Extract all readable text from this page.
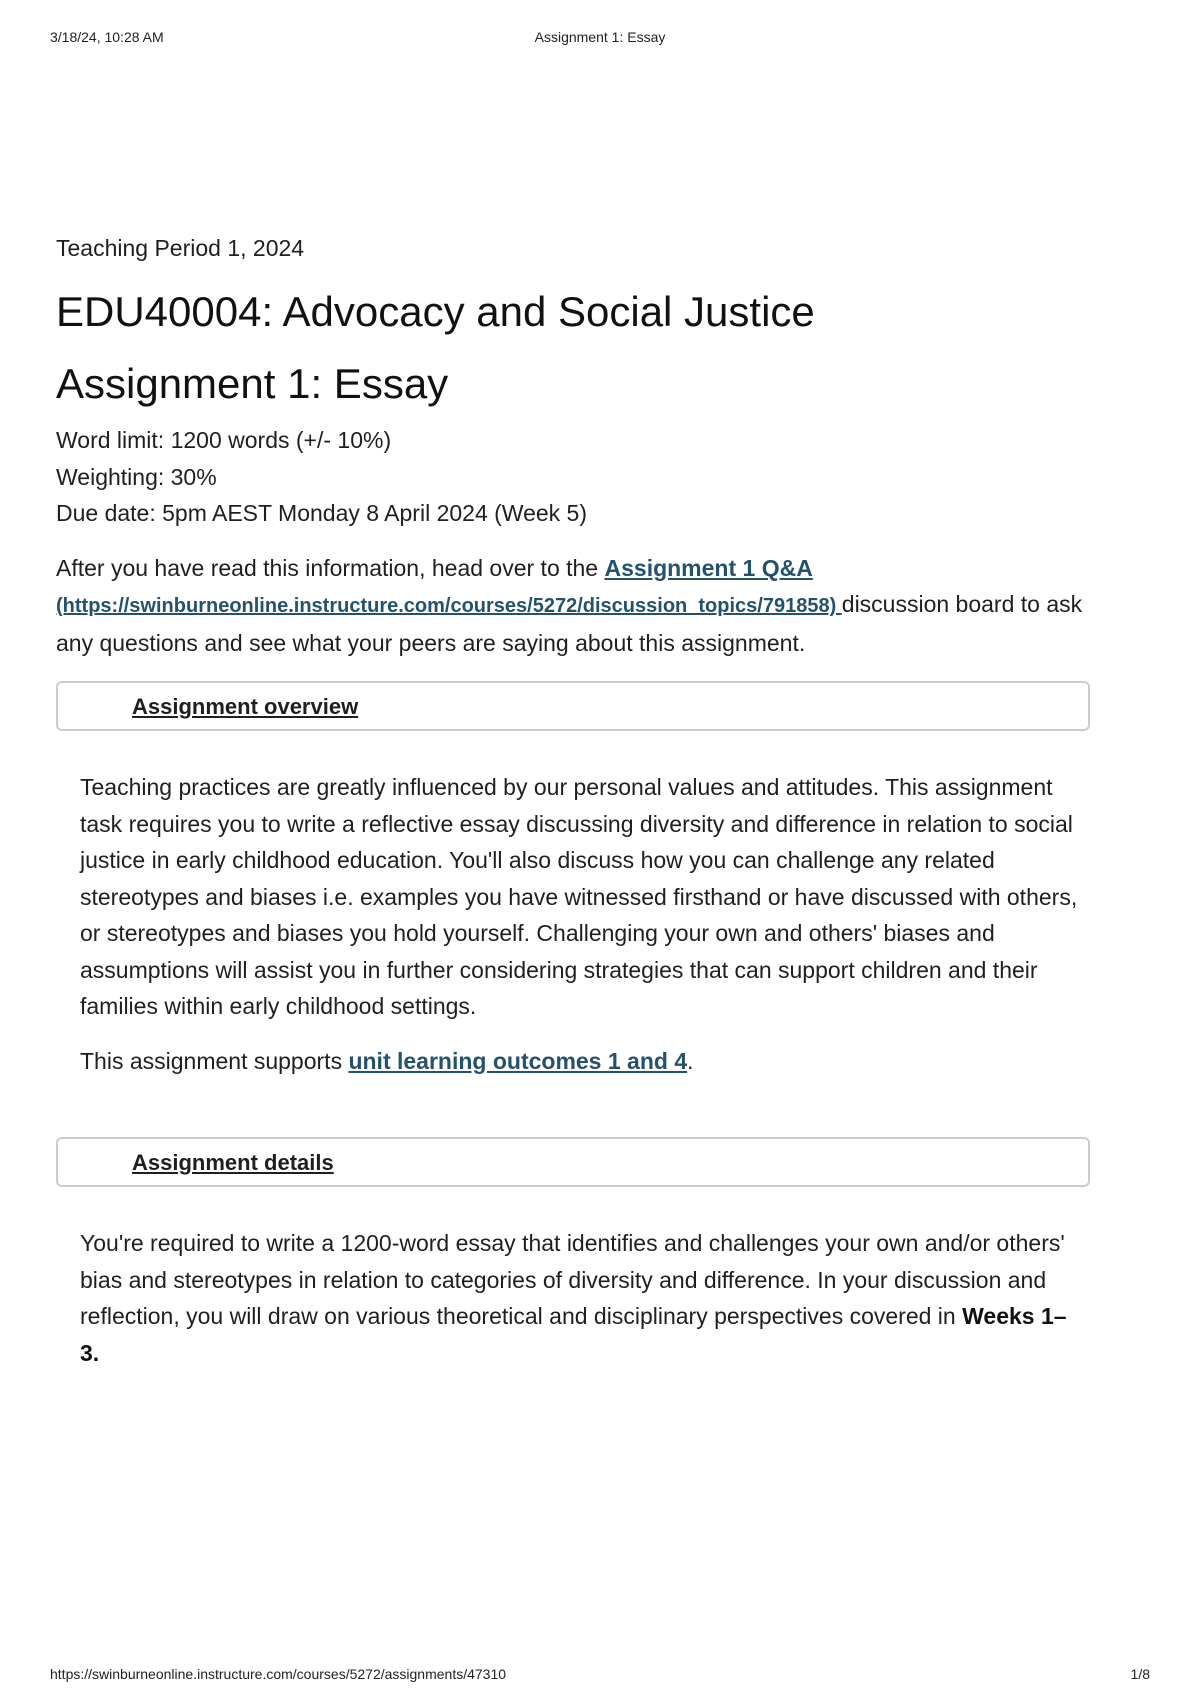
3/18/24, 10:28 AM	Assignment 1: Essay

Teaching Period 1, 2024

EDU40004: Advocacy and Social Justice
Assignment 1: Essay
Word limit: 1200 words (+/- 10%)
Weighting: 30%
Due date: 5pm AEST Monday 8 April 2024 (Week 5)

After you have read this information, head over to the Assignment 1 Q&A
(https://swinburneonline.instructure.com/courses/5272/discussion_topics/791858) discussion board to ask any questions and see what your peers are saying about this assignment.

Assignment overview

Teaching practices are greatly influenced by our personal values and attitudes. This assignment task requires you to write a reflective essay discussing diversity and difference in relation to social justice in early childhood education. You'll also discuss how you can challenge any related stereotypes and biases i.e. examples you have witnessed firsthand or have discussed with others, or stereotypes and biases you hold yourself. Challenging your own and others' biases and assumptions will assist you in further considering strategies that can support children and their families within early childhood settings.

This assignment supports unit learning outcomes 1 and 4.

Assignment details

You're required to write a 1200-word essay that identifies and challenges your own and/or others' bias and stereotypes in relation to categories of diversity and difference. In your discussion and reflection, you will draw on various theoretical and disciplinary perspectives covered in Weeks 1–3.

https://swinburneonline.instructure.com/courses/5272/assignments/47310	1/8
